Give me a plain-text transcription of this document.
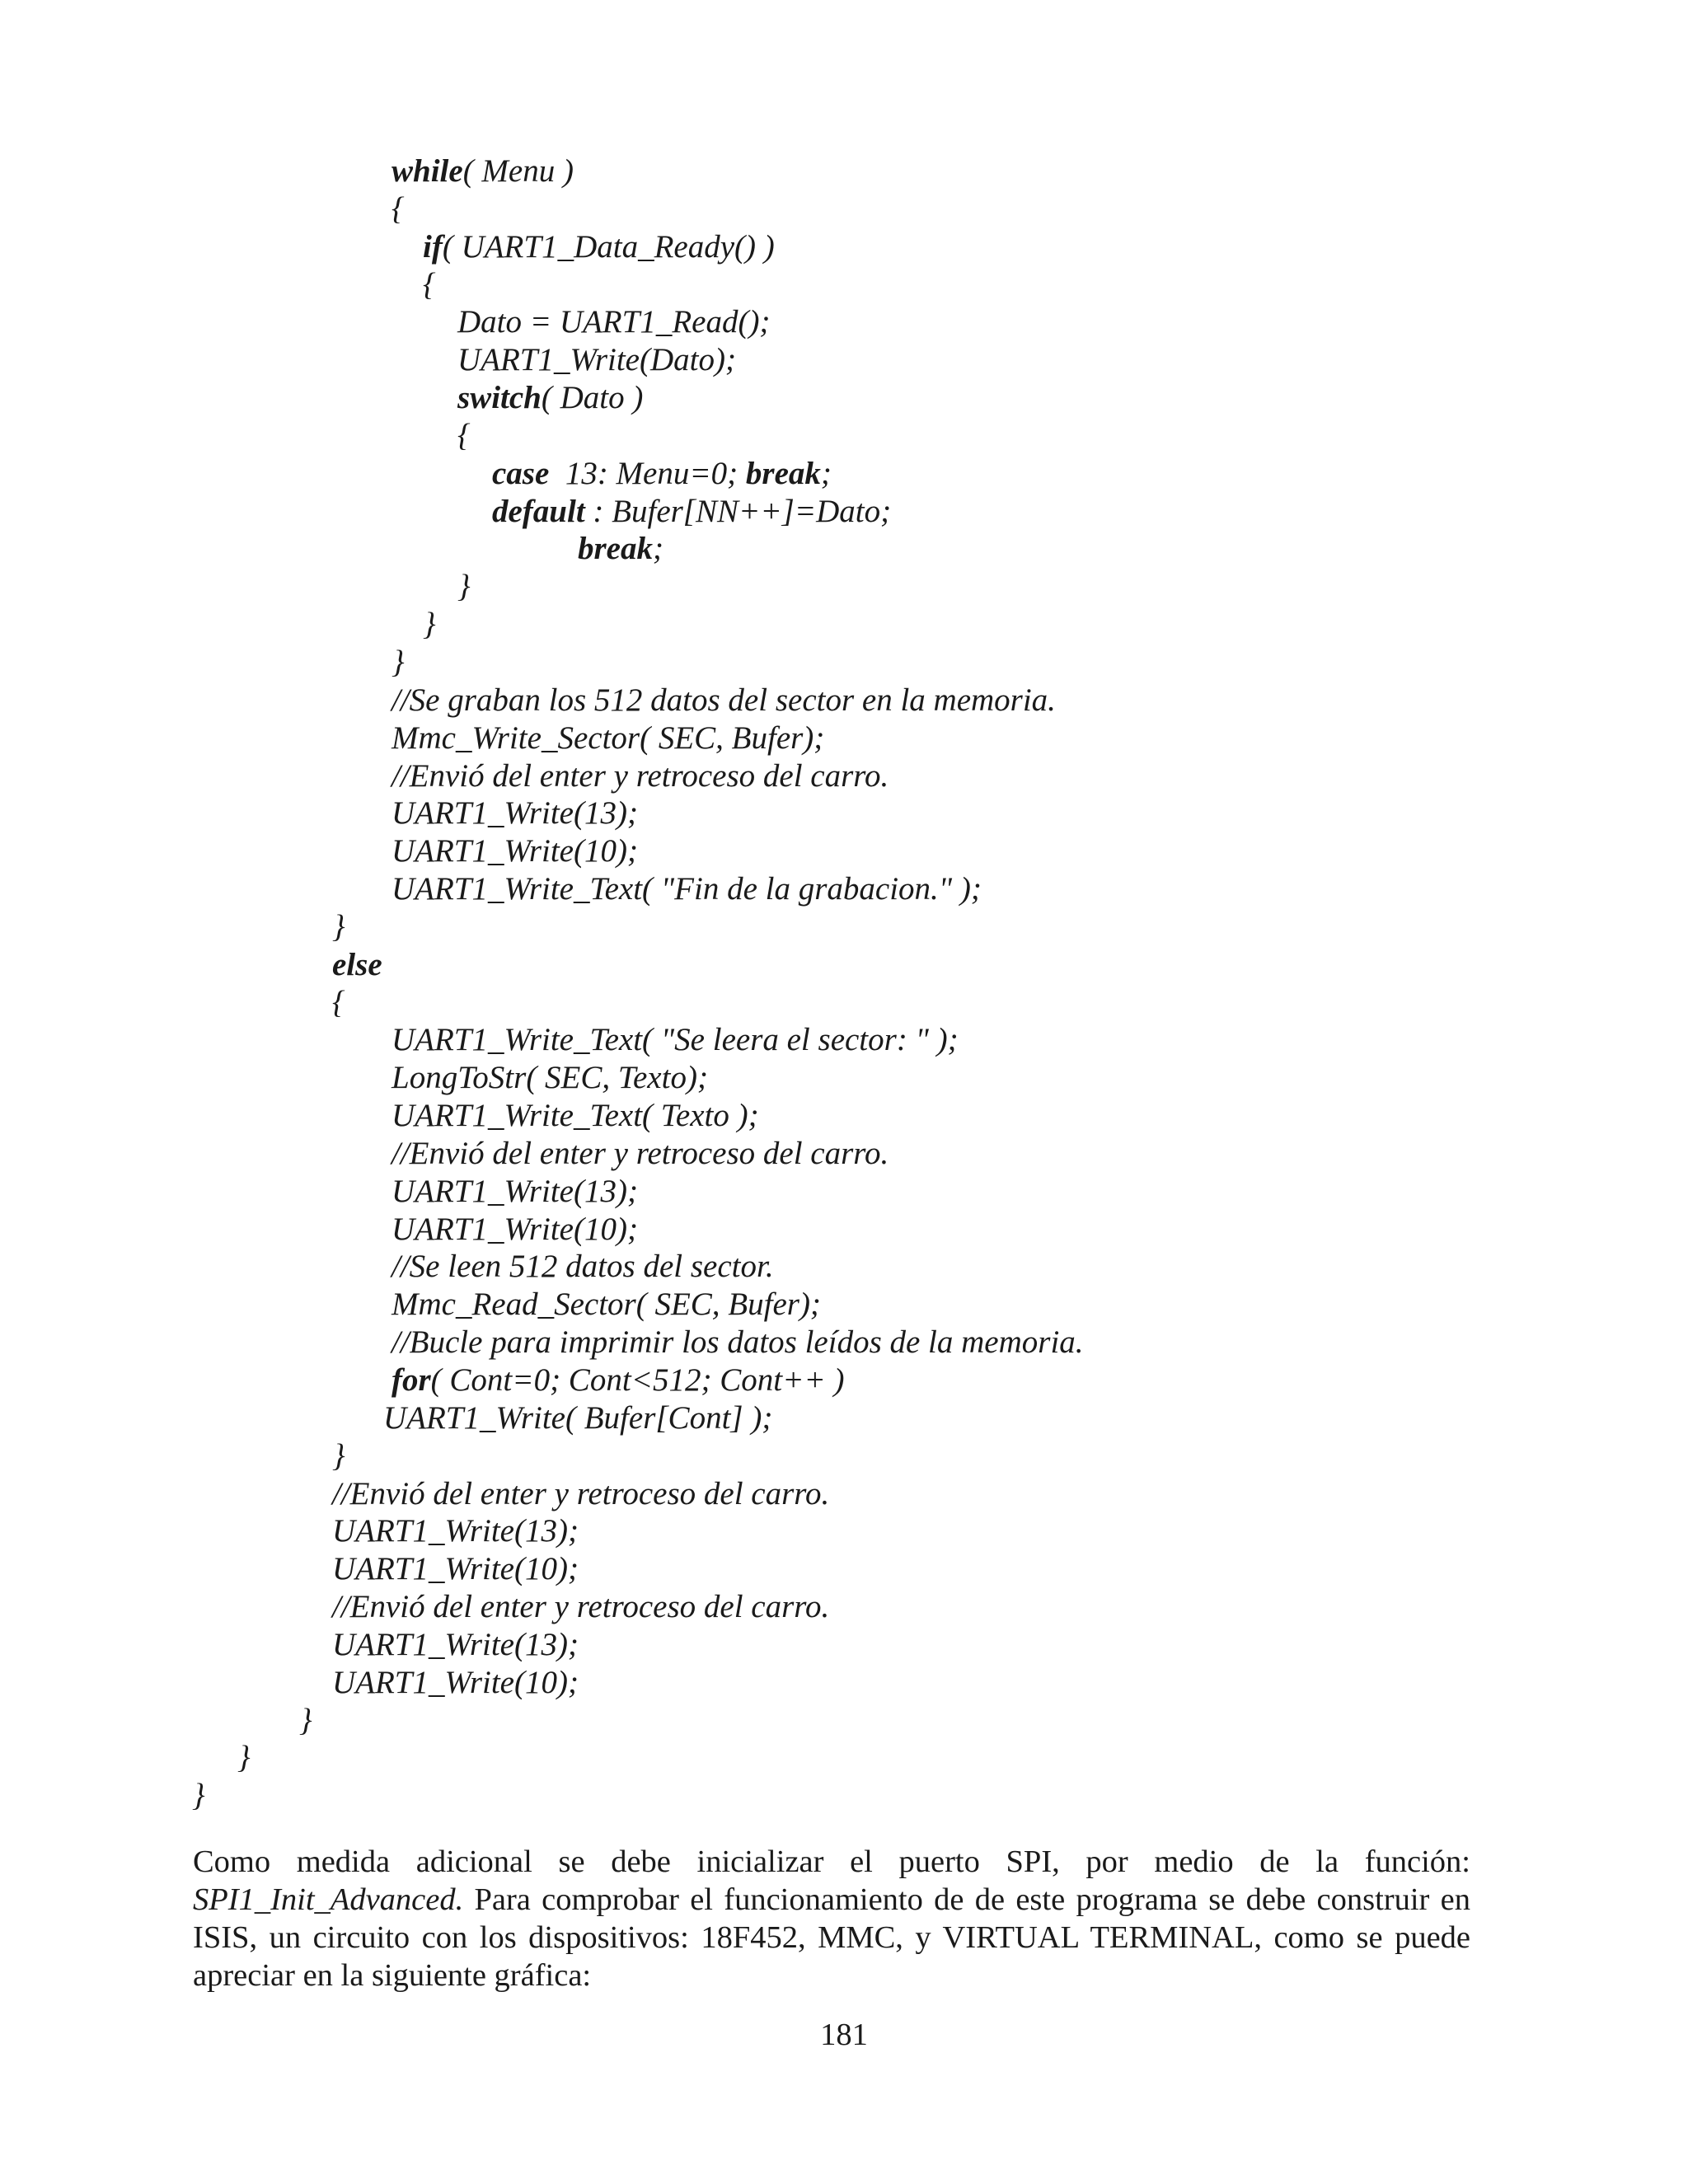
while( Menu )
{
if( UART1_Data_Ready() )
{
Dato = UART1_Read();
UART1_Write(Dato);
switch( Dato )
{
case  13: Menu=0; break;
default : Bufer[NN++]=Dato;
break;
}
}
}
//Se graban los 512 datos del sector en la memoria.
Mmc_Write_Sector( SEC, Bufer);
//Envió del enter y retroceso del carro.
UART1_Write(13);
UART1_Write(10);
UART1_Write_Text( "Fin de la grabacion." );
}
else
{
UART1_Write_Text( "Se leera el sector: " );
LongToStr( SEC, Texto);
UART1_Write_Text( Texto );
//Envió del enter y retroceso del carro.
UART1_Write(13);
UART1_Write(10);
//Se leen 512 datos del sector.
Mmc_Read_Sector( SEC, Bufer);
//Bucle para imprimir los datos leídos de la memoria.
for( Cont=0; Cont<512; Cont++ )
UART1_Write( Bufer[Cont] );
}
//Envió del enter y retroceso del carro.
UART1_Write(13);
UART1_Write(10);
//Envió del enter y retroceso del carro.
UART1_Write(13);
UART1_Write(10);
}
}
}

Como medida adicional se debe inicializar el puerto SPI, por medio de la función: SPI1_Init_Advanced. Para comprobar el funcionamiento de de este programa se debe construir en ISIS, un circuito con los dispositivos: 18F452, MMC, y VIRTUAL TERMINAL, como se puede apreciar en la siguiente gráfica:

181
